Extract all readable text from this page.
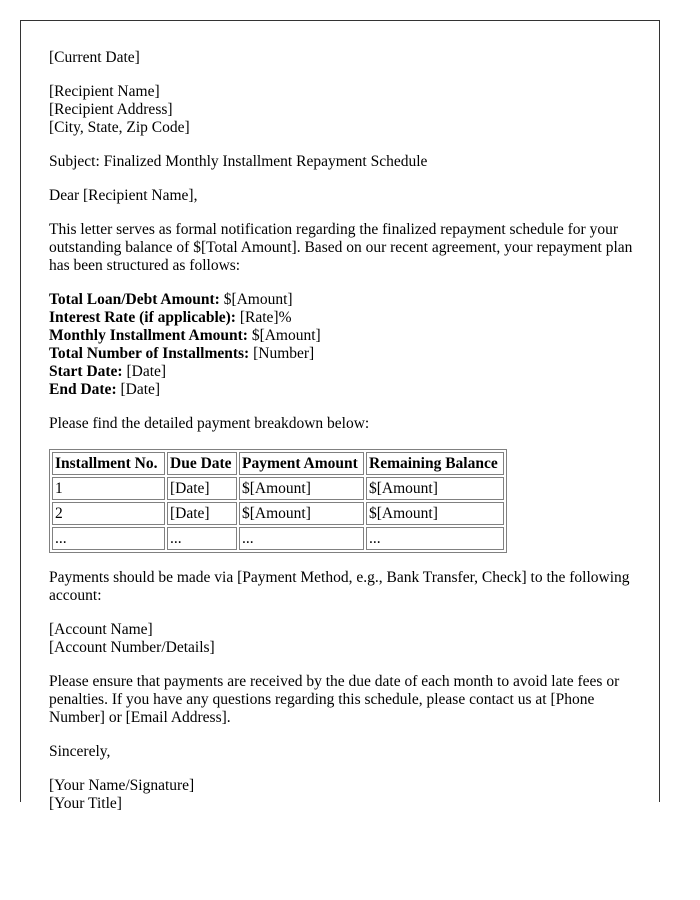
[Current Date]

[Recipient Name]
[Recipient Address]
[City, State, Zip Code]

Subject: Finalized Monthly Installment Repayment Schedule

Dear [Recipient Name],

This letter serves as formal notification regarding the finalized repayment schedule for your outstanding balance of $[Total Amount]. Based on our recent agreement, your repayment plan has been structured as follows:

Total Loan/Debt Amount: $[Amount]
Interest Rate (if applicable): [Rate]%
Monthly Installment Amount: $[Amount]
Total Number of Installments: [Number]
Start Date: [Date]
End Date: [Date]

Please find the detailed payment breakdown below:

Installment No.	Due Date	Payment Amount	Remaining Balance
1	[Date]	$[Amount]	$[Amount]
2	[Date]	$[Amount]	$[Amount]
...	...	...	...

Payments should be made via [Payment Method, e.g., Bank Transfer, Check] to the following account:

[Account Name]
[Account Number/Details]

Please ensure that payments are received by the due date of each month to avoid late fees or penalties. If you have any questions regarding this schedule, please contact us at [Phone Number] or [Email Address].

Sincerely,

[Your Name/Signature]
[Your Title]
